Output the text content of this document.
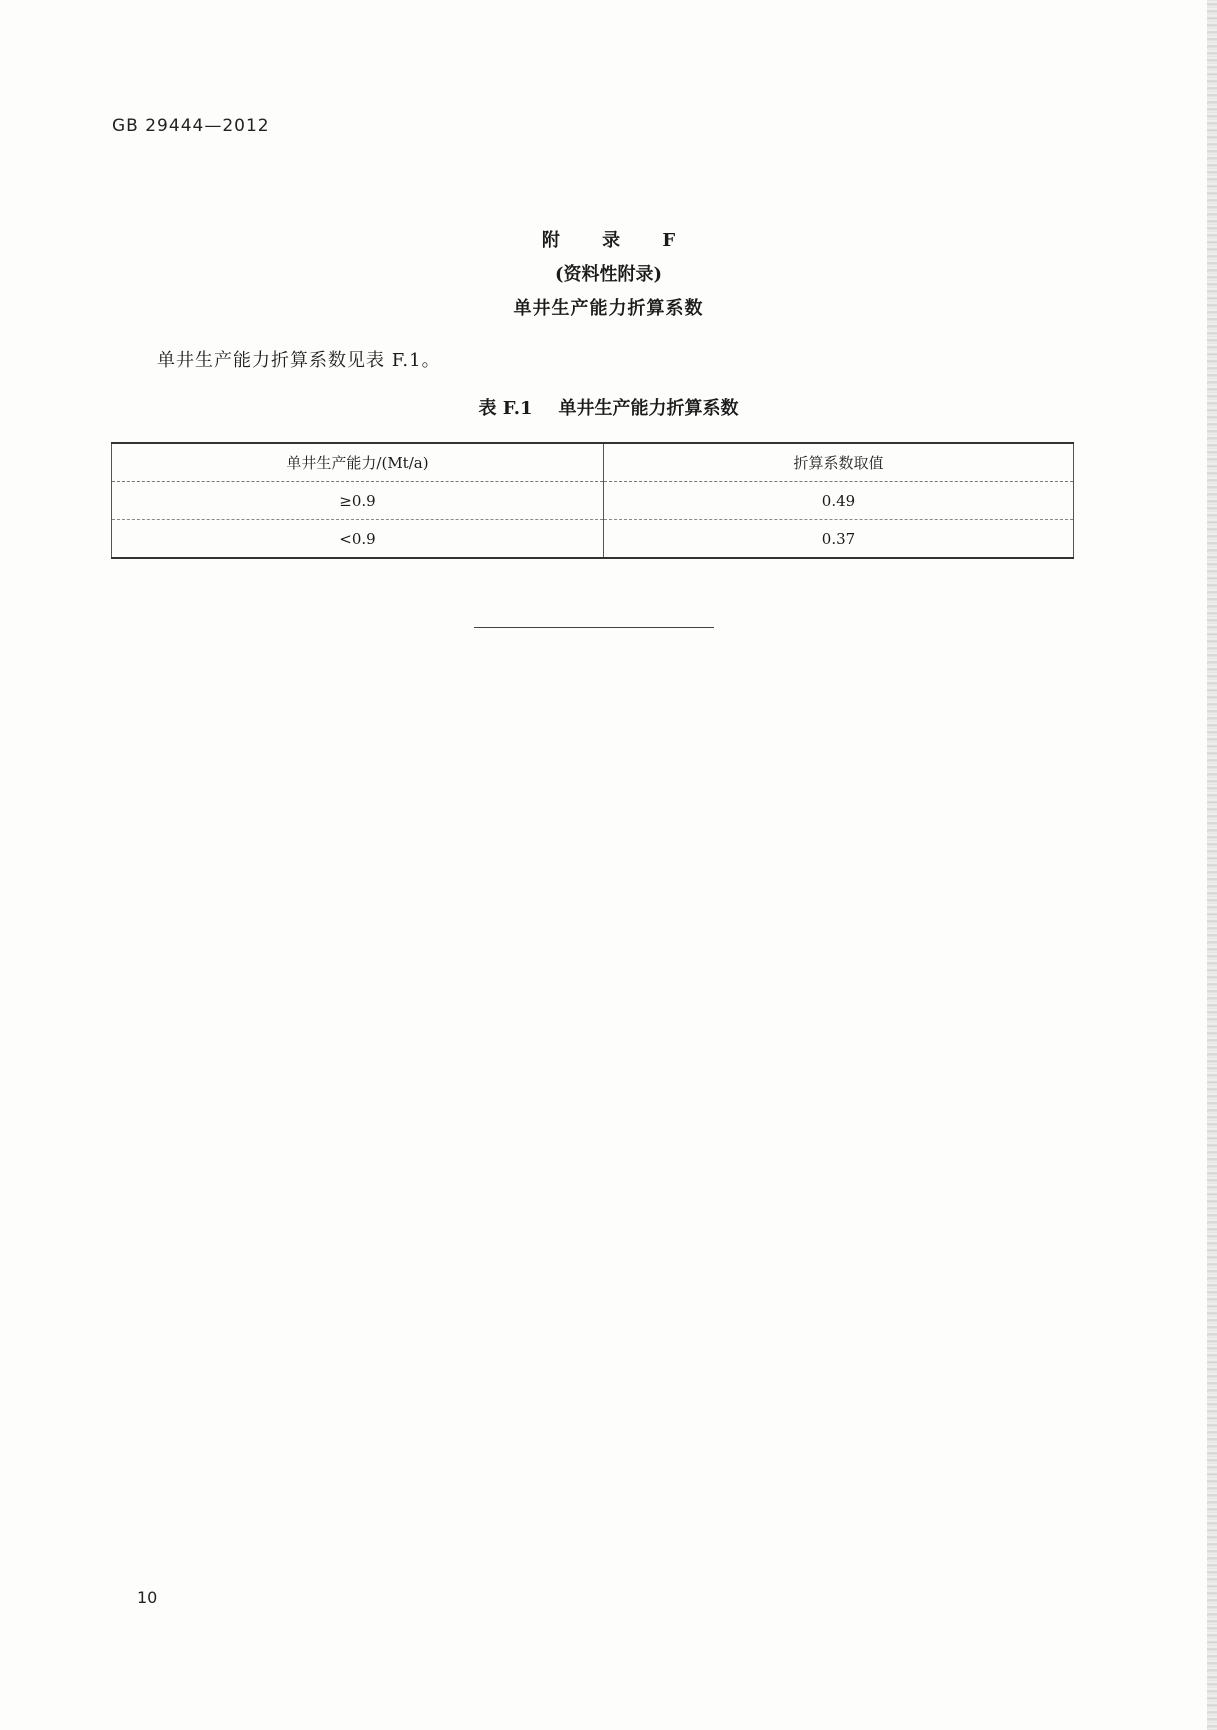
GB 29444—2012
附 录 F
(资料性附录)
单井生产能力折算系数
单井生产能力折算系数见表 F.1。
表 F.1 单井生产能力折算系数
单井生产能力/(Mt/a)	折算系数取值
≥0.9	0.49
<0.9	0.37
10
